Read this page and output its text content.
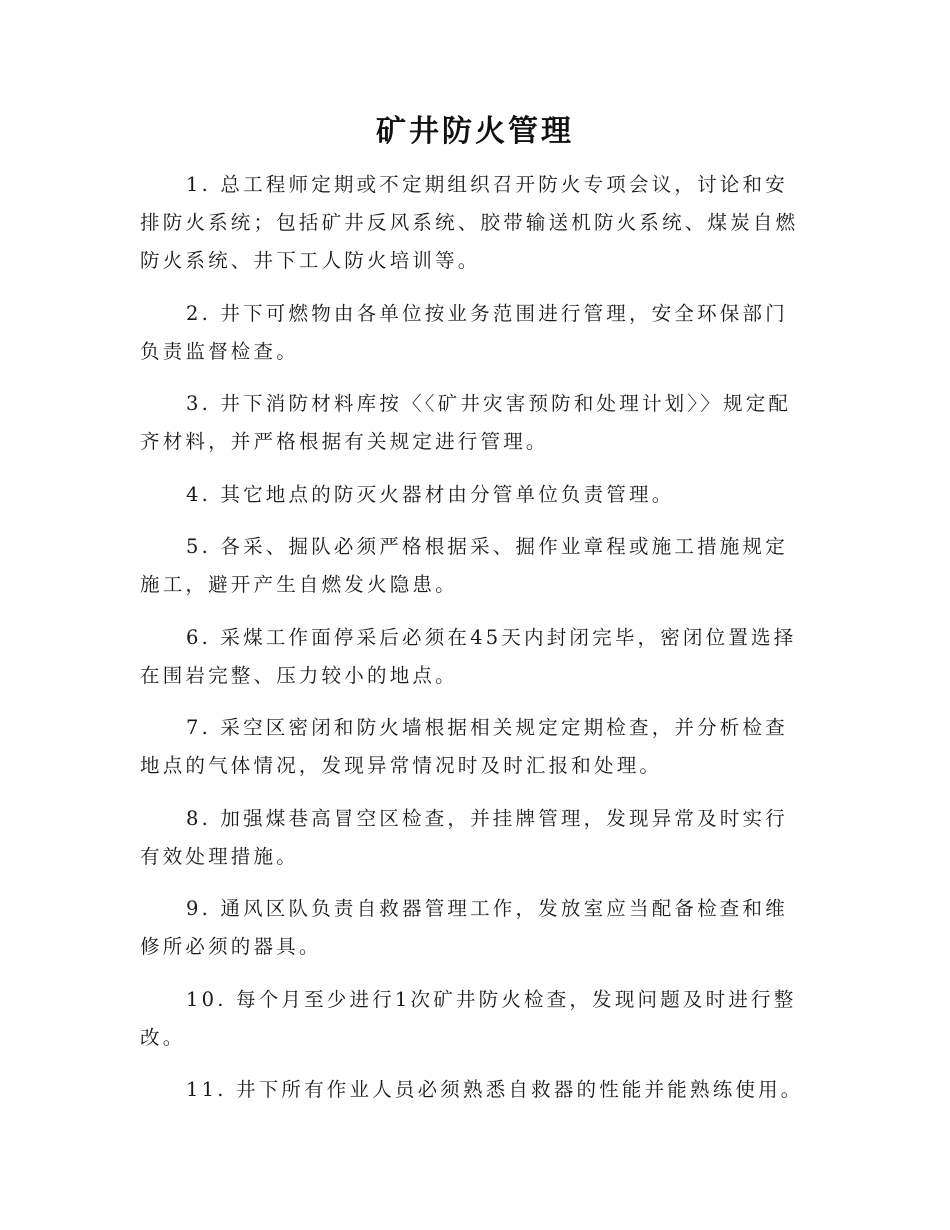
矿井防火管理

1. 总工程师定期或不定期组织召开防火专项会议，讨论和安排防火系统；包括矿井反风系统、胶带输送机防火系统、煤炭自燃防火系统、井下工人防火培训等。

2. 井下可燃物由各单位按业务范围进行管理，安全环保部门负责监督检查。

3. 井下消防材料库按〈〈矿井灾害预防和处理计划〉〉规定配齐材料，并严格根据有关规定进行管理。

4. 其它地点的防灭火器材由分管单位负责管理。

5. 各采、掘队必须严格根据采、掘作业章程或施工措施规定施工，避开产生自燃发火隐患。

6. 采煤工作面停采后必须在45天内封闭完毕，密闭位置选择在围岩完整、压力较小的地点。

7. 采空区密闭和防火墙根据相关规定定期检查，并分析检查地点的气体情况，发现异常情况时及时汇报和处理。

8. 加强煤巷高冒空区检查，并挂牌管理，发现异常及时实行有效处理措施。

9. 通风区队负责自救器管理工作，发放室应当配备检查和维修所必须的器具。

10. 每个月至少进行1次矿井防火检查，发现问题及时进行整改。

11. 井下所有作业人员必须熟悉自救器的性能并能熟练使用。
